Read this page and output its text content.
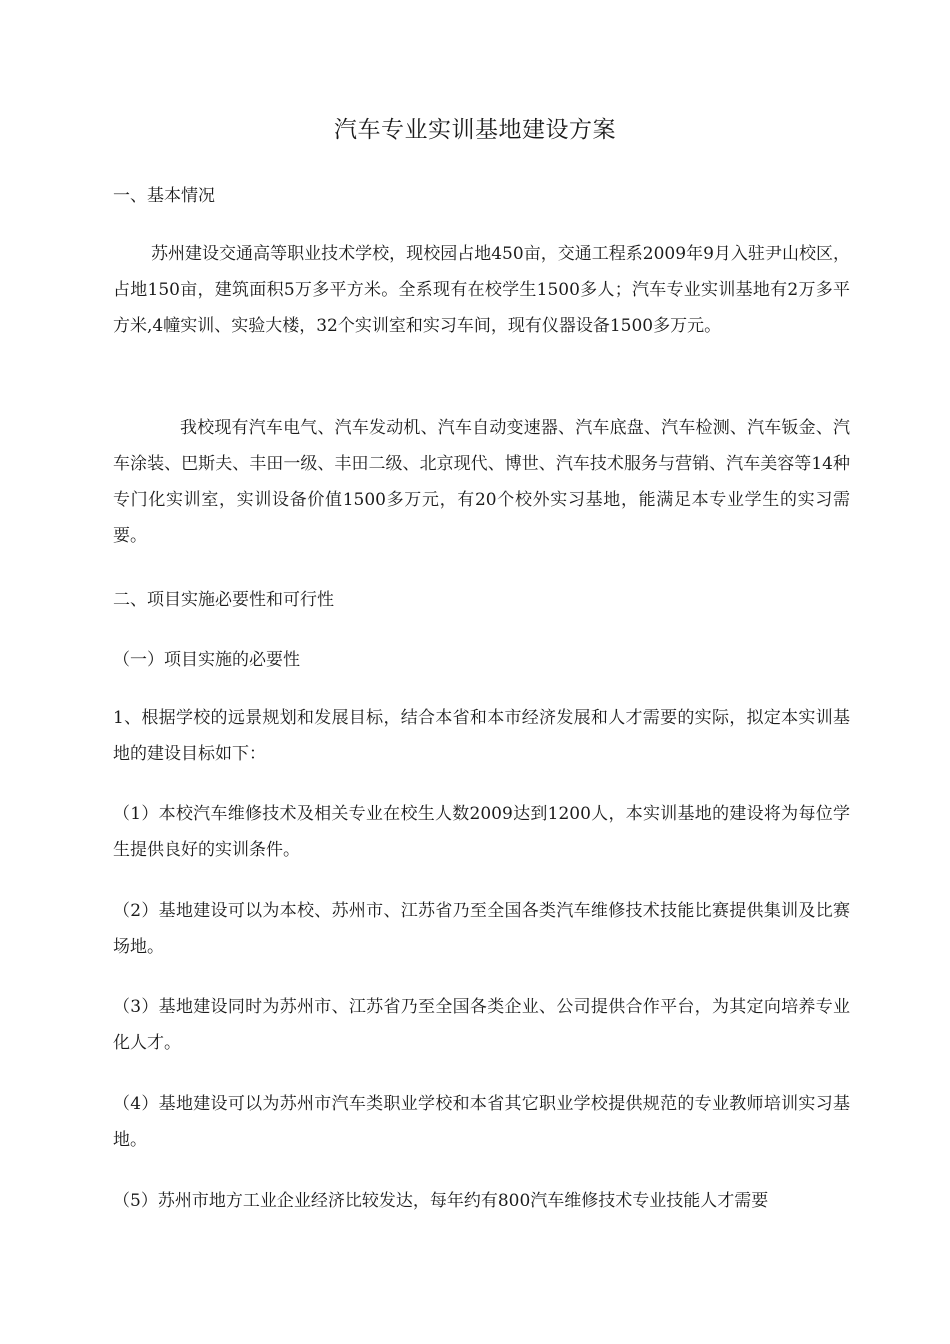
汽车专业实训基地建设方案
一、基本情况
苏州建设交通高等职业技术学校，现校园占地450亩，交通工程系2009年9月入驻尹山校区，占地150亩，建筑面积5万多平方米。全系现有在校学生1500多人；汽车专业实训基地有2万多平方米,4幢实训、实验大楼，32个实训室和实习车间，现有仪器设备1500多万元。
我校现有汽车电气、汽车发动机、汽车自动变速器、汽车底盘、汽车检测、汽车钣金、汽车涂装、巴斯夫、丰田一级、丰田二级、北京现代、博世、汽车技术服务与营销、汽车美容等14种专门化实训室，实训设备价值1500多万元，有20个校外实习基地，能满足本专业学生的实习需要。
二、项目实施必要性和可行性
（一）项目实施的必要性
1、根据学校的远景规划和发展目标，结合本省和本市经济发展和人才需要的实际，拟定本实训基地的建设目标如下：
（1）本校汽车维修技术及相关专业在校生人数2009达到1200人，本实训基地的建设将为每位学生提供良好的实训条件。
（2）基地建设可以为本校、苏州市、江苏省乃至全国各类汽车维修技术技能比赛提供集训及比赛场地。
（3）基地建设同时为苏州市、江苏省乃至全国各类企业、公司提供合作平台，为其定向培养专业化人才。
（4）基地建设可以为苏州市汽车类职业学校和本省其它职业学校提供规范的专业教师培训实习基地。
（5）苏州市地方工业企业经济比较发达，每年约有800汽车维修技术专业技能人才需要
